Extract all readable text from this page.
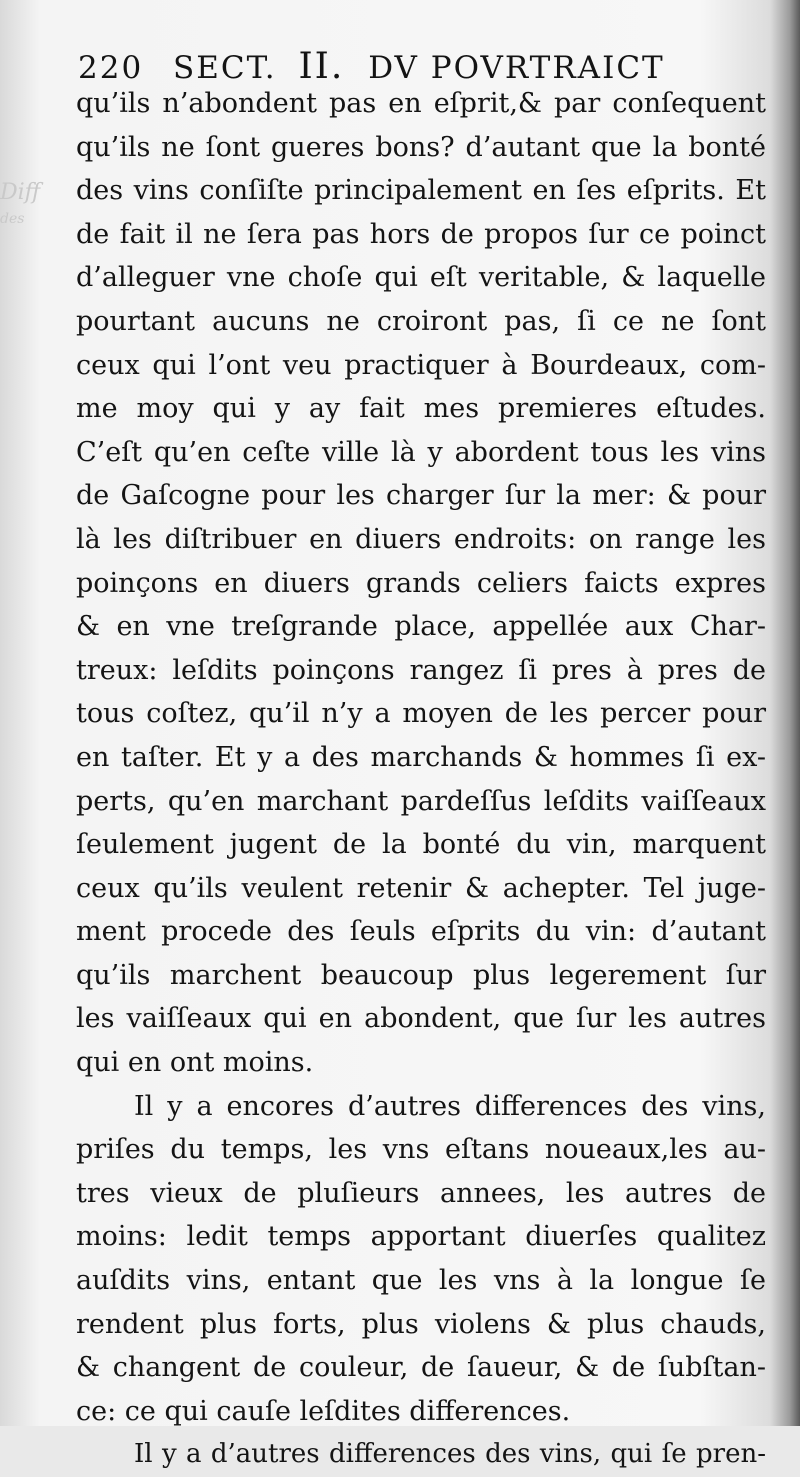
Diff
des
220 SECT. II. DV POVRTRAICT
qu’ils n’abondent pas en eſprit,& par conſequent
qu’ils ne ſont gueres bons? d’autant que la bonté
des vins conſiſte principalement en ſes eſprits. Et
de fait il ne ſera pas hors de propos ſur ce poinct
d’alleguer vne choſe qui eſt veritable, & laquelle
pourtant aucuns ne croiront pas, ſi ce ne ſont
ceux qui l’ont veu practiquer à Bourdeaux, com-
me moy qui y ay fait mes premieres eſtudes.
C’eſt qu’en ceſte ville là y abordent tous les vins
de Gaſcogne pour les charger ſur la mer: & pour
là les diſtribuer en diuers endroits: on range les
poinçons en diuers grands celiers faicts expres
& en vne treſgrande place, appellée aux Char-
treux: leſdits poinçons rangez ſi pres à pres de
tous coſtez, qu’il n’y a moyen de les percer pour
en taſter. Et y a des marchands & hommes ſi ex-
perts, qu’en marchant pardeſſus leſdits vaiſſeaux
ſeulement jugent de la bonté du vin, marquent
ceux qu’ils veulent retenir & achepter. Tel juge-
ment procede des ſeuls eſprits du vin: d’autant
qu’ils marchent beaucoup plus legerement ſur
les vaiſſeaux qui en abondent, que ſur les autres
qui en ont moins.
Il y a encores d’autres differences des vins,
priſes du temps, les vns eſtans noueaux,les au-
tres vieux de pluſieurs annees, les autres de
moins: ledit temps apportant diuerſes qualitez
auſdits vins, entant que les vns à la longue ſe
rendent plus forts, plus violens & plus chauds,
& changent de couleur, de ſaueur, & de ſubſtan-
ce: ce qui cauſe leſdites differences.
Il y a d’autres differences des vins, qui ſe pren-
